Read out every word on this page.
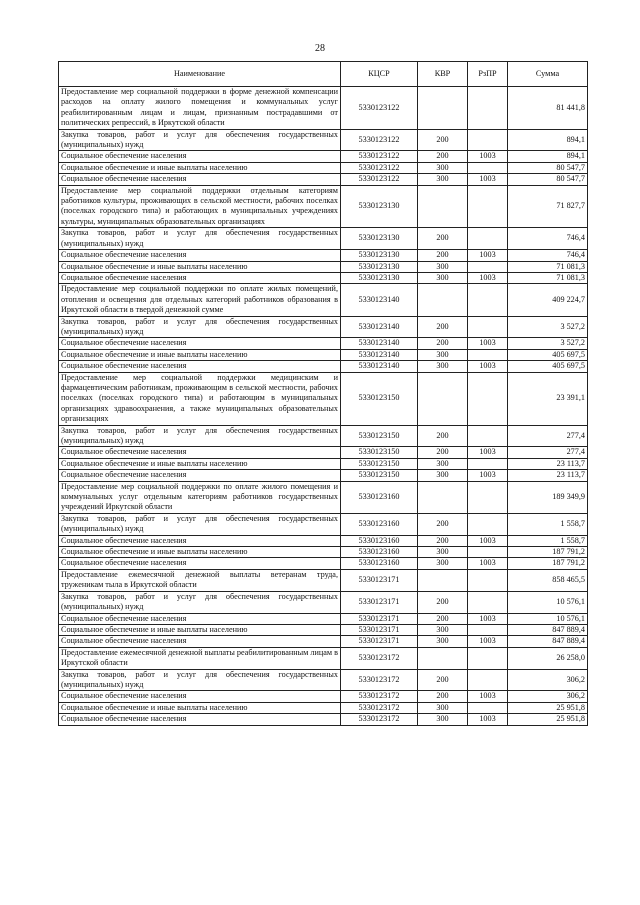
28
Наименование	КЦСР	КВР	РзПР	Сумма
Предоставление мер социальной поддержки в форме денежной компенсации расходов на оплату жилого помещения и коммунальных услуг реабилитированным лицам и лицам, признанным пострадавшими от политических репрессий, в Иркутской области	5330123122			81 441,8
Закупка товаров, работ и услуг для обеспечения государственных (муниципальных) нужд	5330123122	200		894,1
Социальное обеспечение населения	5330123122	200	1003	894,1
Социальное обеспечение и иные выплаты населению	5330123122	300		80 547,7
Социальное обеспечение населения	5330123122	300	1003	80 547,7
Предоставление мер социальной поддержки отдельным категориям работников культуры, проживающих в сельской местности, рабочих поселках (поселках городского типа) и работающих в муниципальных учреждениях культуры, муниципальных образовательных организациях	5330123130			71 827,7
Закупка товаров, работ и услуг для обеспечения государственных (муниципальных) нужд	5330123130	200		746,4
Социальное обеспечение населения	5330123130	200	1003	746,4
Социальное обеспечение и иные выплаты населению	5330123130	300		71 081,3
Социальное обеспечение населения	5330123130	300	1003	71 081,3
Предоставление мер социальной поддержки по оплате жилых помещений, отопления и освещения для отдельных категорий работников образования в Иркутской области в твердой денежной сумме	5330123140			409 224,7
Закупка товаров, работ и услуг для обеспечения государственных (муниципальных) нужд	5330123140	200		3 527,2
Социальное обеспечение населения	5330123140	200	1003	3 527,2
Социальное обеспечение и иные выплаты населению	5330123140	300		405 697,5
Социальное обеспечение населения	5330123140	300	1003	405 697,5
Предоставление мер социальной поддержки медицинским и фармацевтическим работникам, проживающим в сельской местности, рабочих поселках (поселках городского типа) и работающим в муниципальных организациях здравоохранения, а также муниципальных образовательных организациях	5330123150			23 391,1
Закупка товаров, работ и услуг для обеспечения государственных (муниципальных) нужд	5330123150	200		277,4
Социальное обеспечение населения	5330123150	200	1003	277,4
Социальное обеспечение и иные выплаты населению	5330123150	300		23 113,7
Социальное обеспечение населения	5330123150	300	1003	23 113,7
Предоставление мер социальной поддержки по оплате жилого помещения и коммунальных услуг отдельным категориям работников государственных учреждений Иркутской области	5330123160			189 349,9
Закупка товаров, работ и услуг для обеспечения государственных (муниципальных) нужд	5330123160	200		1 558,7
Социальное обеспечение населения	5330123160	200	1003	1 558,7
Социальное обеспечение и иные выплаты населению	5330123160	300		187 791,2
Социальное обеспечение населения	5330123160	300	1003	187 791,2
Предоставление ежемесячной денежной выплаты ветеранам труда, труженикам тыла в Иркутской области	5330123171			858 465,5
Закупка товаров, работ и услуг для обеспечения государственных (муниципальных) нужд	5330123171	200		10 576,1
Социальное обеспечение населения	5330123171	200	1003	10 576,1
Социальное обеспечение и иные выплаты населению	5330123171	300		847 889,4
Социальное обеспечение населения	5330123171	300	1003	847 889,4
Предоставление ежемесячной денежной выплаты реабилитированным лицам в Иркутской области	5330123172			26 258,0
Закупка товаров, работ и услуг для обеспечения государственных (муниципальных) нужд	5330123172	200		306,2
Социальное обеспечение населения	5330123172	200	1003	306,2
Социальное обеспечение и иные выплаты населению	5330123172	300		25 951,8
Социальное обеспечение населения	5330123172	300	1003	25 951,8
